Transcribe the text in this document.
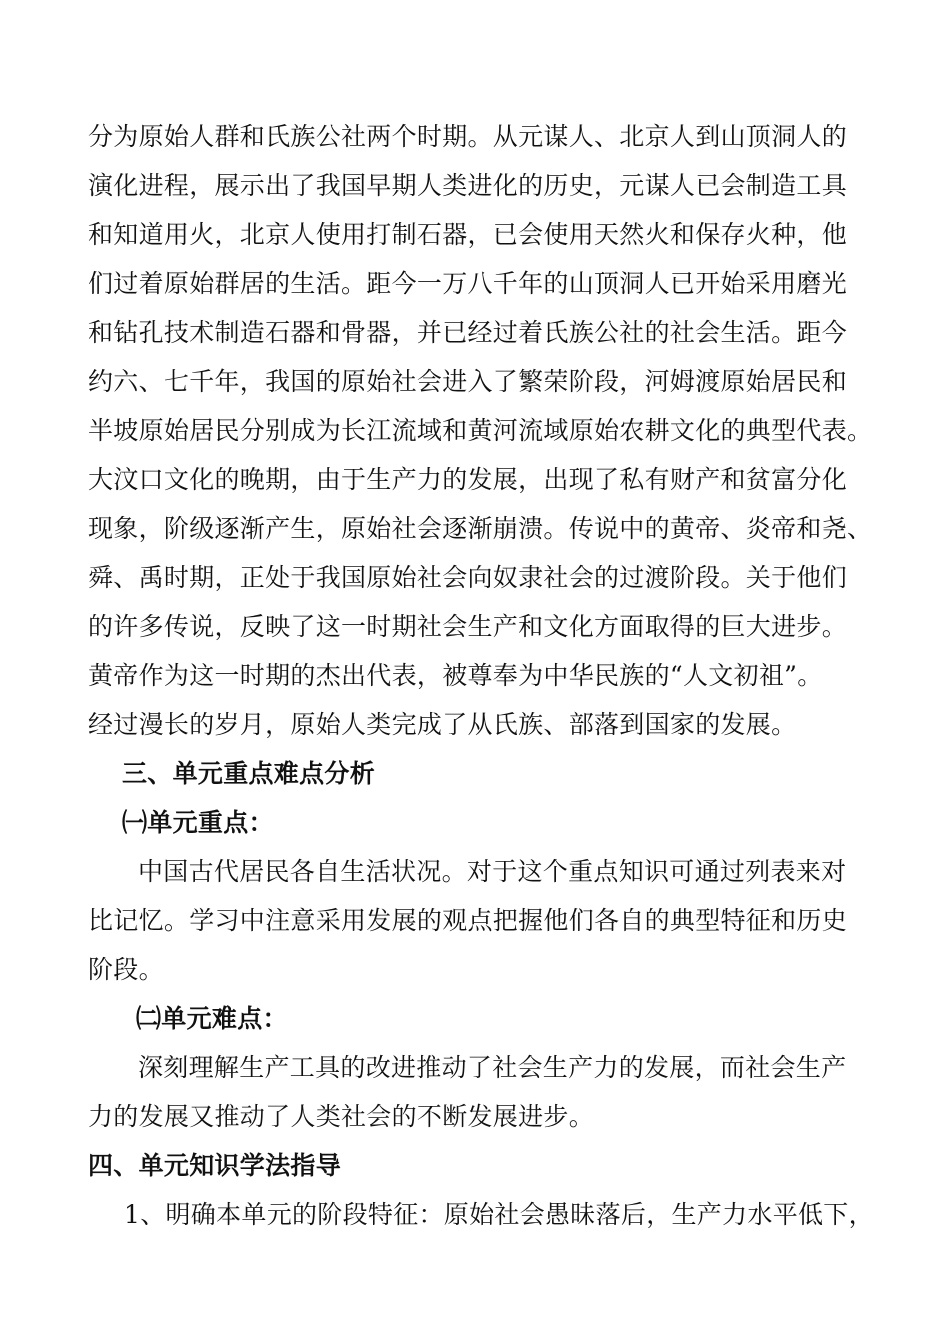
分为原始人群和氏族公社两个时期。从元谋人、北京人到山顶洞人的
演化进程，展示出了我国早期人类进化的历史，元谋人已会制造工具
和知道用火，北京人使用打制石器，已会使用天然火和保存火种，他
们过着原始群居的生活。距今一万八千年的山顶洞人已开始采用磨光
和钻孔技术制造石器和骨器，并已经过着氏族公社的社会生活。距今
约六、七千年，我国的原始社会进入了繁荣阶段，河姆渡原始居民和
半坡原始居民分别成为长江流域和黄河流域原始农耕文化的典型代表。
大汶口文化的晚期，由于生产力的发展，出现了私有财产和贫富分化
现象，阶级逐渐产生，原始社会逐渐崩溃。传说中的黄帝、炎帝和尧、
舜、禹时期，正处于我国原始社会向奴隶社会的过渡阶段。关于他们
的许多传说，反映了这一时期社会生产和文化方面取得的巨大进步。
黄帝作为这一时期的杰出代表，被尊奉为中华民族的“人文初祖”。
经过漫长的岁月，原始人类完成了从氏族、部落到国家的发展。
三、单元重点难点分析
㈠单元重点：
中国古代居民各自生活状况。对于这个重点知识可通过列表来对
比记忆。学习中注意采用发展的观点把握他们各自的典型特征和历史
阶段。
㈡单元难点：
深刻理解生产工具的改进推动了社会生产力的发展，而社会生产
力的发展又推动了人类社会的不断发展进步。
四、单元知识学法指导
1、明确本单元的阶段特征：原始社会愚昧落后，生产力水平低下，
